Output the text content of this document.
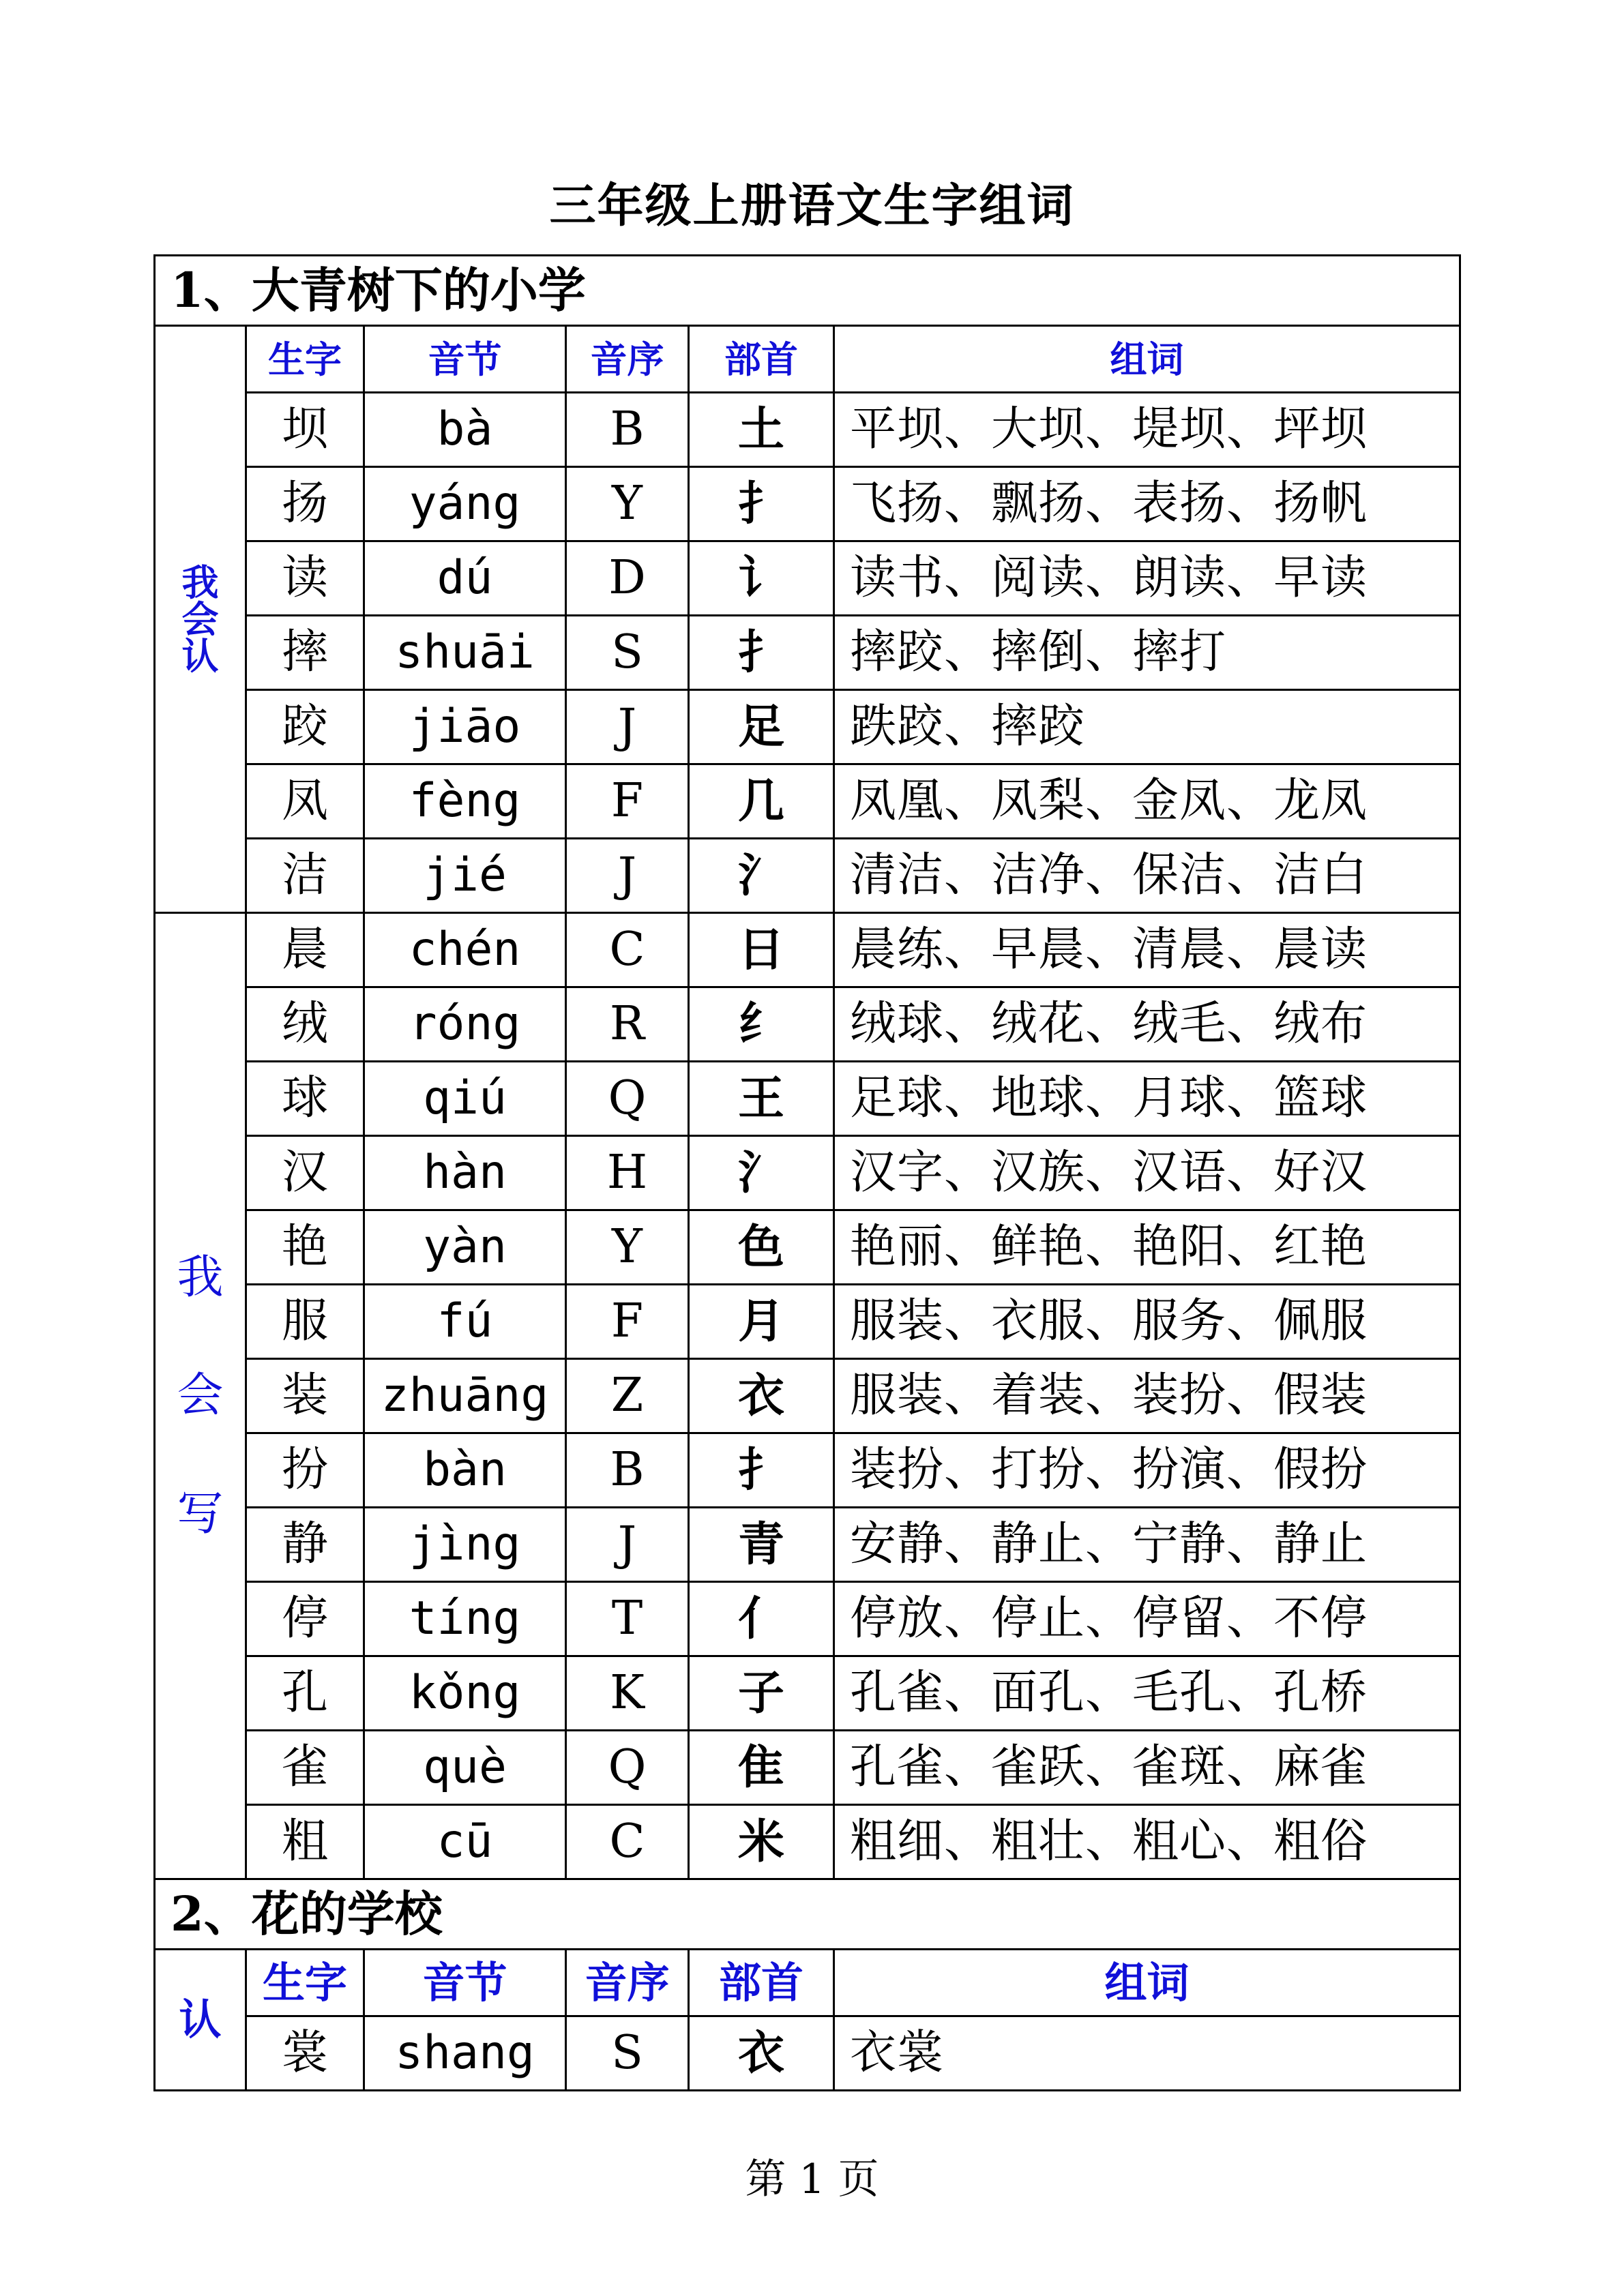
三年级上册语文生字组词
1、大青树下的小学					

我
会
认	生字	音节	音序	部首	组词
	坝	bà	B	土	平坝、大坝、堤坝、坪坝
	扬	yáng	Y	扌	飞扬、飘扬、表扬、扬帆
	读	dú	D	讠	读书、阅读、朗读、早读
	摔	shuāi	S	扌	摔跤、摔倒、摔打
	跤	jiāo	J	足	跌跤、摔跤
	凤	fèng	F	几	凤凰、凤梨、金凤、龙凤
	洁	jié	J	氵	清洁、洁净、保洁、洁白

我
会
写	晨	chén	C	日	晨练、早晨、清晨、晨读
	绒	róng	R	纟	绒球、绒花、绒毛、绒布
	球	qiú	Q	王	足球、地球、月球、篮球
	汉	hàn	H	氵	汉字、汉族、汉语、好汉
	艳	yàn	Y	色	艳丽、鲜艳、艳阳、红艳
	服	fú	F	月	服装、衣服、服务、佩服
	装	zhuāng	Z	衣	服装、着装、装扮、假装
	扮	bàn	B	扌	装扮、打扮、扮演、假扮
	静	jìng	J	青	安静、静止、宁静、静止
	停	tíng	T	亻	停放、停止、停留、不停
	孔	kǒng	K	子	孔雀、面孔、毛孔、孔桥
	雀	què	Q	隹	孔雀、雀跃、雀斑、麻雀
	粗	cū	C	米	粗细、粗壮、粗心、粗俗
2、花的学校					

认	生字	音节	音序	部首	组词
	裳	shang	S	衣	衣裳
第 1 页
